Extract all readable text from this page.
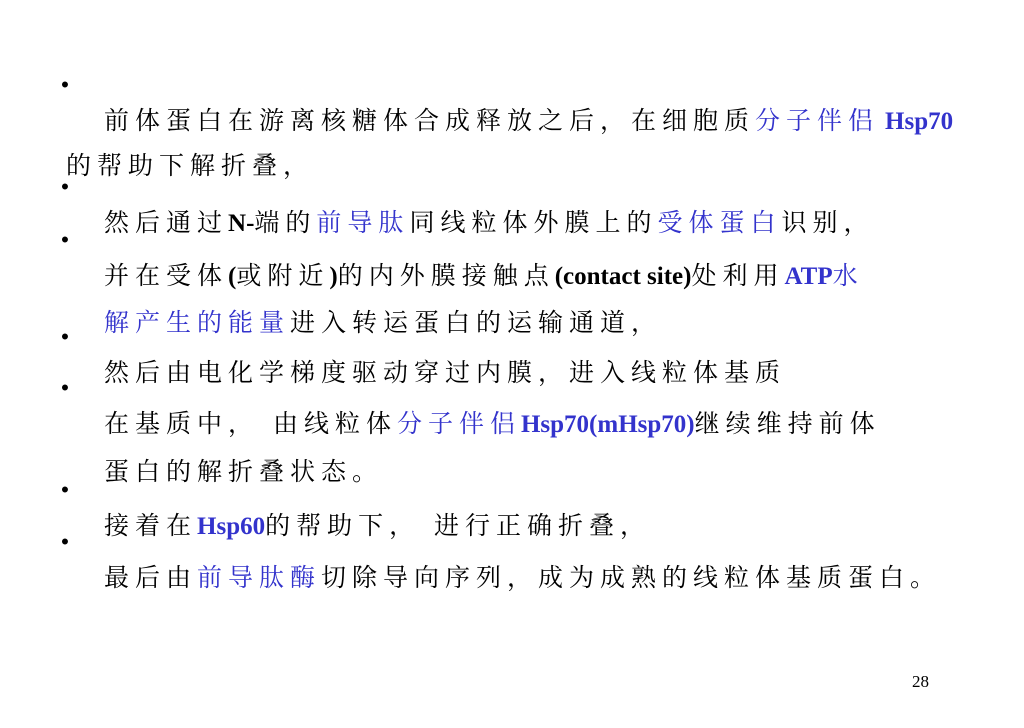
•

前体蛋白在游离核糖体合成释放之后，在细胞质分子伴侣 Hsp70

的帮助下解折叠，

•

然后通过N-端的前导肽同线粒体外膜上的受体蛋白识别，

•

并在受体(或附近)的内外膜接触点(contact site)处利用ATP水

解产生的能量进入转运蛋白的运输通道，

•

然后由电化学梯度驱动穿过内膜，进入线粒体基质

•

在基质中， 由线粒体分子伴侣Hsp70(mHsp70)继续维持前体

蛋白的解折叠状态。

•

接着在Hsp60的帮助下， 进行正确折叠，

•

最后由前导肽酶切除导向序列，成为成熟的线粒体基质蛋白。

28
